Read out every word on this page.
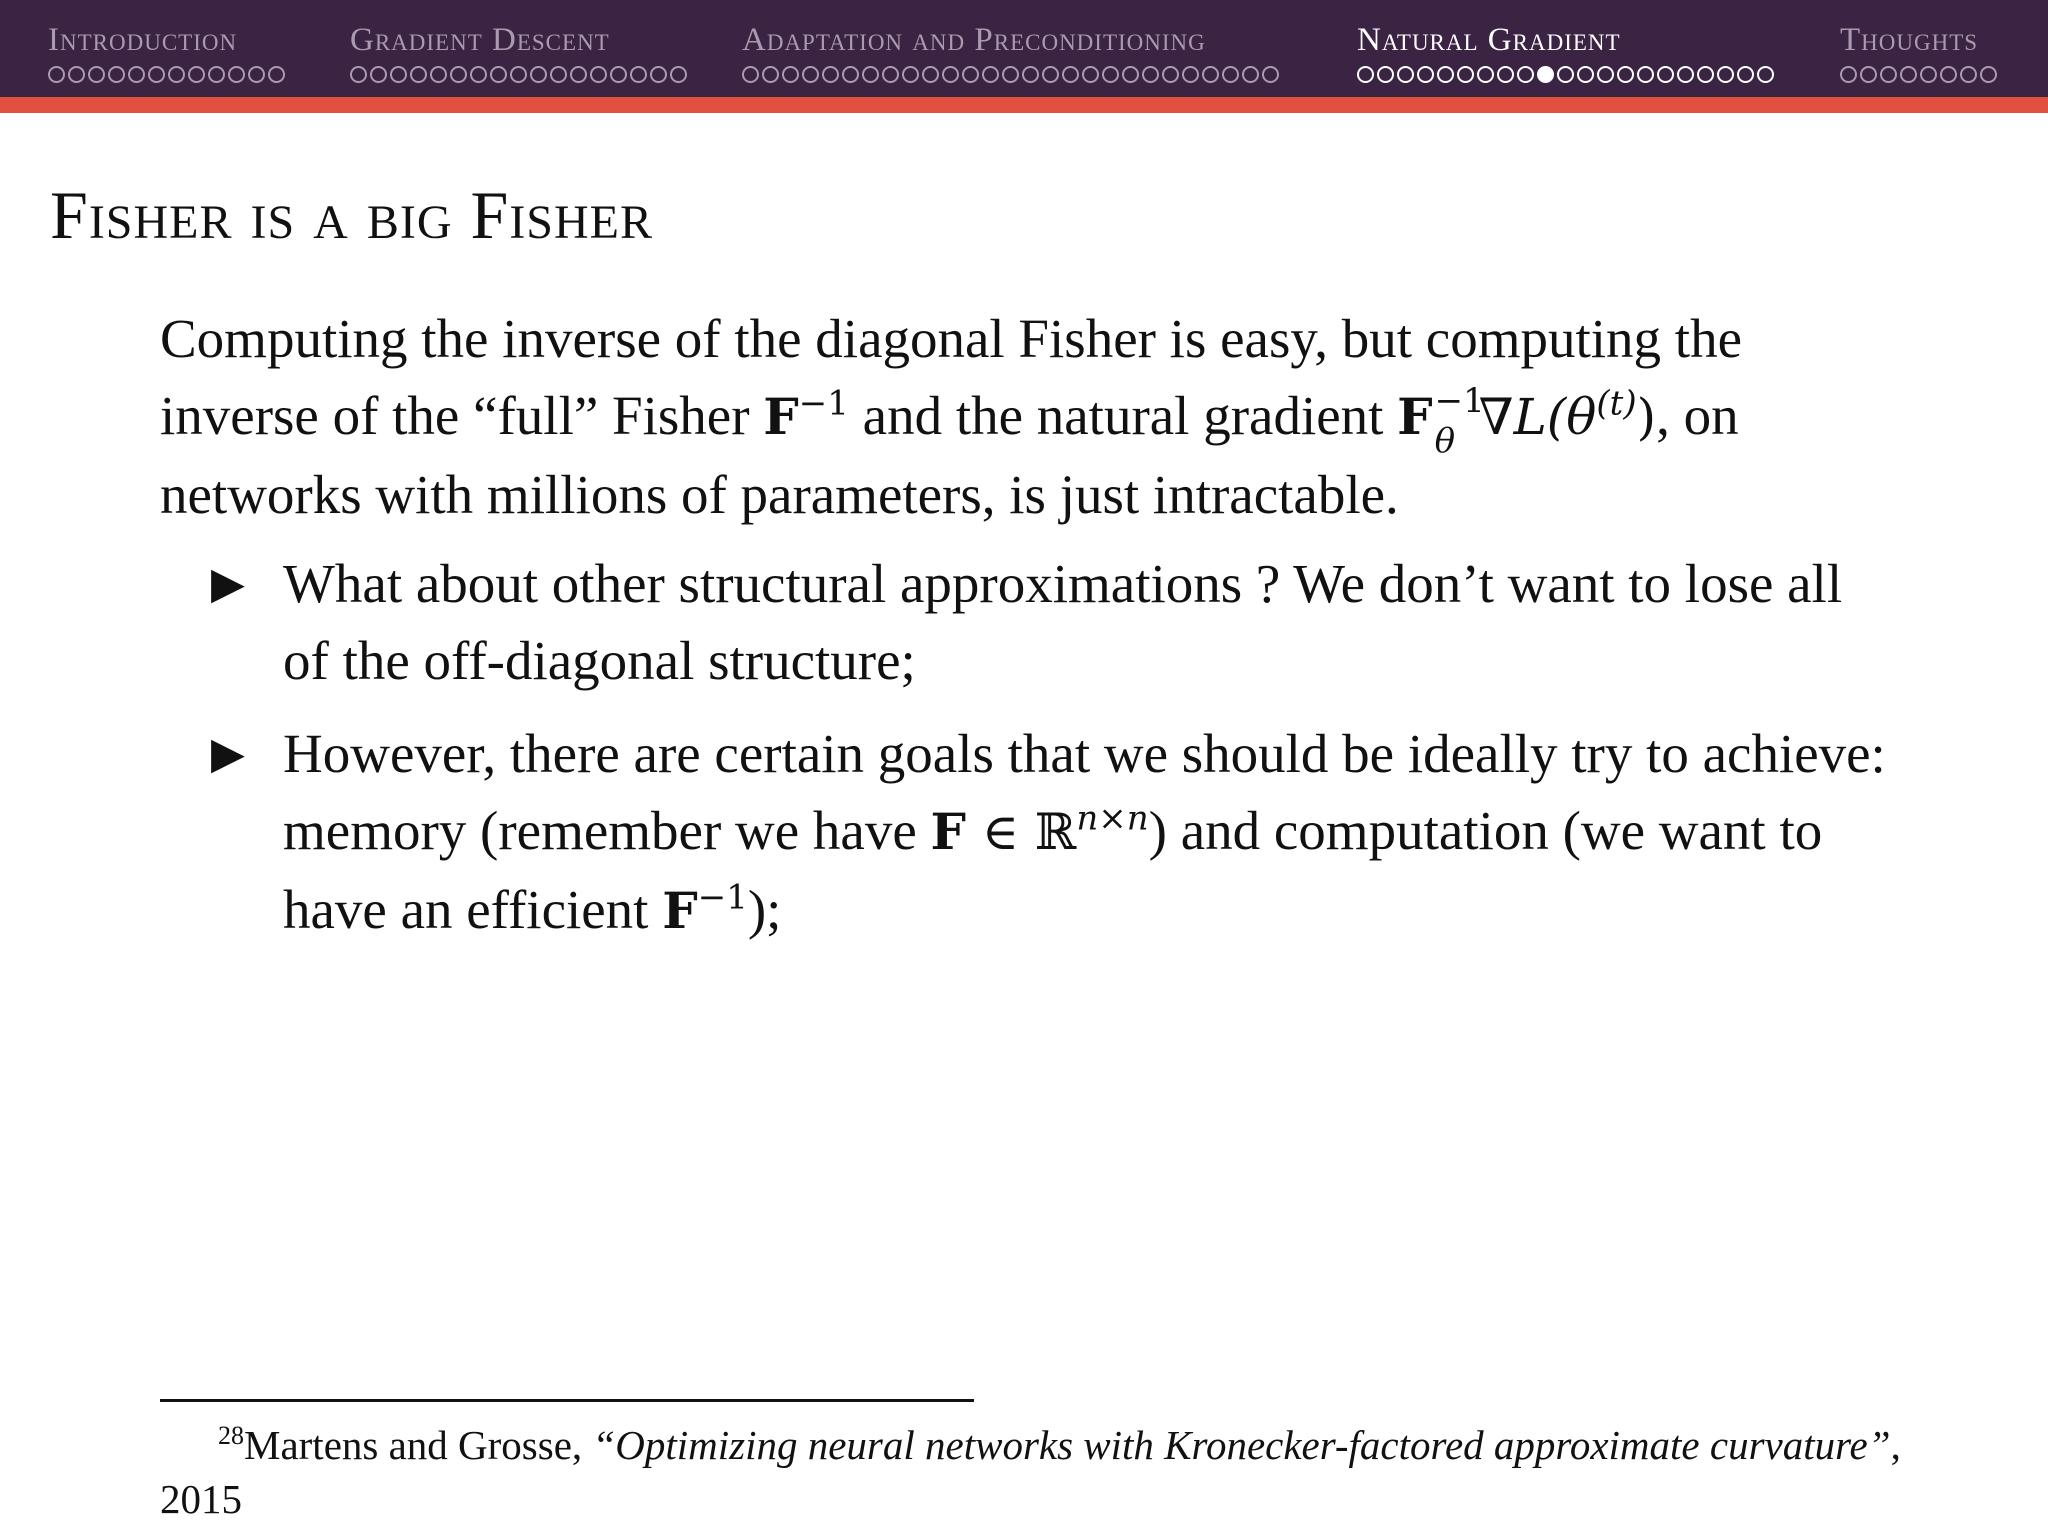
Introduction	Gradient Descent	Adaptation and Preconditioning	Natural Gradient	Thoughts
Fisher is a big Fisher

Computing the inverse of the diagonal Fisher is easy, but computing the inverse of the “full” Fisher $F^{-1}$ and the natural gradient F −1
θ $\nabla L(\theta^{(t)})$, on networks with millions of parameters, is just intractable.

▶ What about other structural approximations ? We don’t want to lose all of the off-diagonal structure;
▶ However, there are certain goals that we should be ideally try to achieve: memory (remember we have F ∈ ℝ$^{n\times n}$) and computation (we want to have an efficient $F^{-1}$);
$^{28}$Martens and Grosse, “Optimizing neural networks with Kronecker-factored approximate curvature”, 2015
